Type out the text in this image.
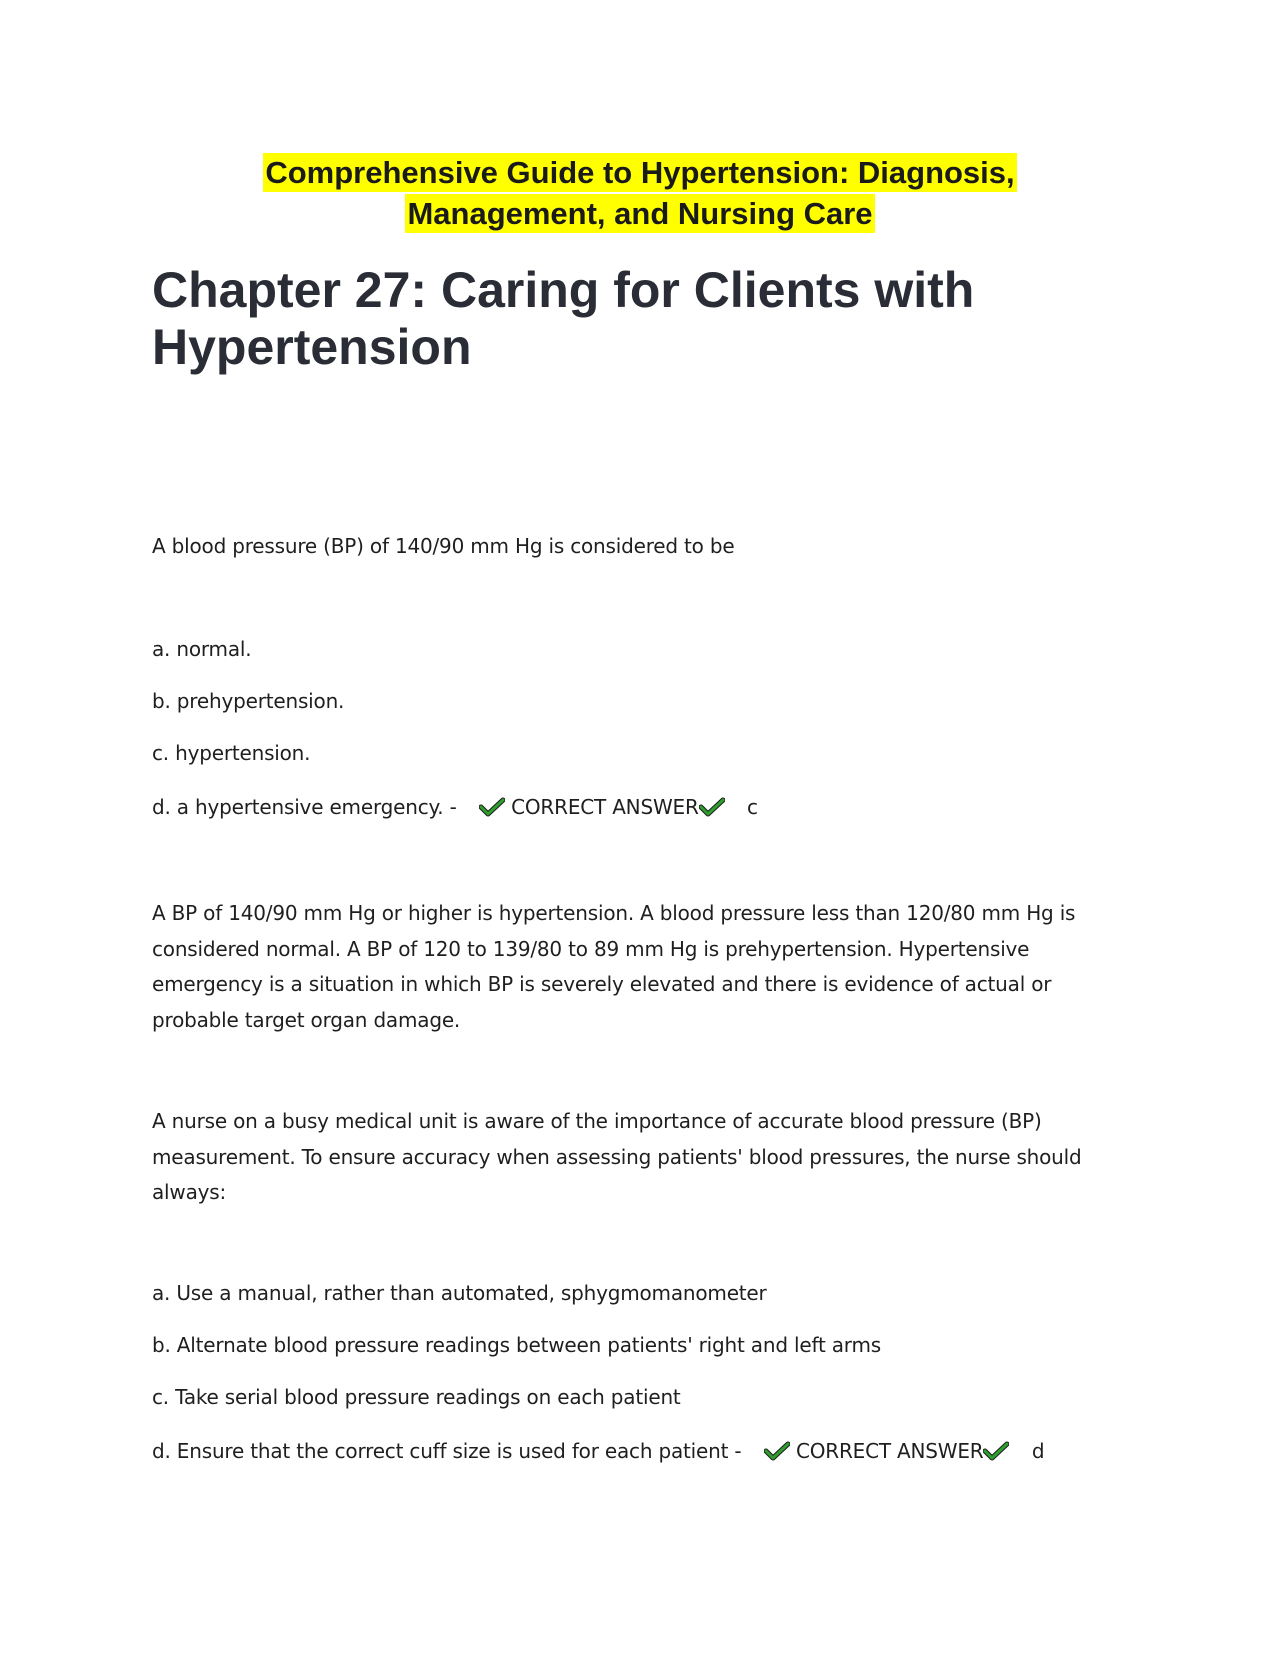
Comprehensive Guide to Hypertension: Diagnosis,
Management, and Nursing Care
Chapter 27: Caring for Clients with Hypertension

A blood pressure (BP) of 140/90 mm Hg is considered to be

a. normal.

b. prehypertension.

c. hypertension.

d. a hypertensive emergency. -	CORRECT ANSWER c

A BP of 140/90 mm Hg or higher is hypertension. A blood pressure less than 120/80 mm Hg is considered normal. A BP of 120 to 139/80 to 89 mm Hg is prehypertension. Hypertensive emergency is a situation in which BP is severely elevated and there is evidence of actual or probable target organ damage.

A nurse on a busy medical unit is aware of the importance of accurate blood pressure (BP) measurement. To ensure accuracy when assessing patients' blood pressures, the nurse should always:

a. Use a manual, rather than automated, sphygmomanometer

b. Alternate blood pressure readings between patients' right and left arms

c. Take serial blood pressure readings on each patient

d. Ensure that the correct cuff size is used for each patient -	CORRECT ANSWER d
